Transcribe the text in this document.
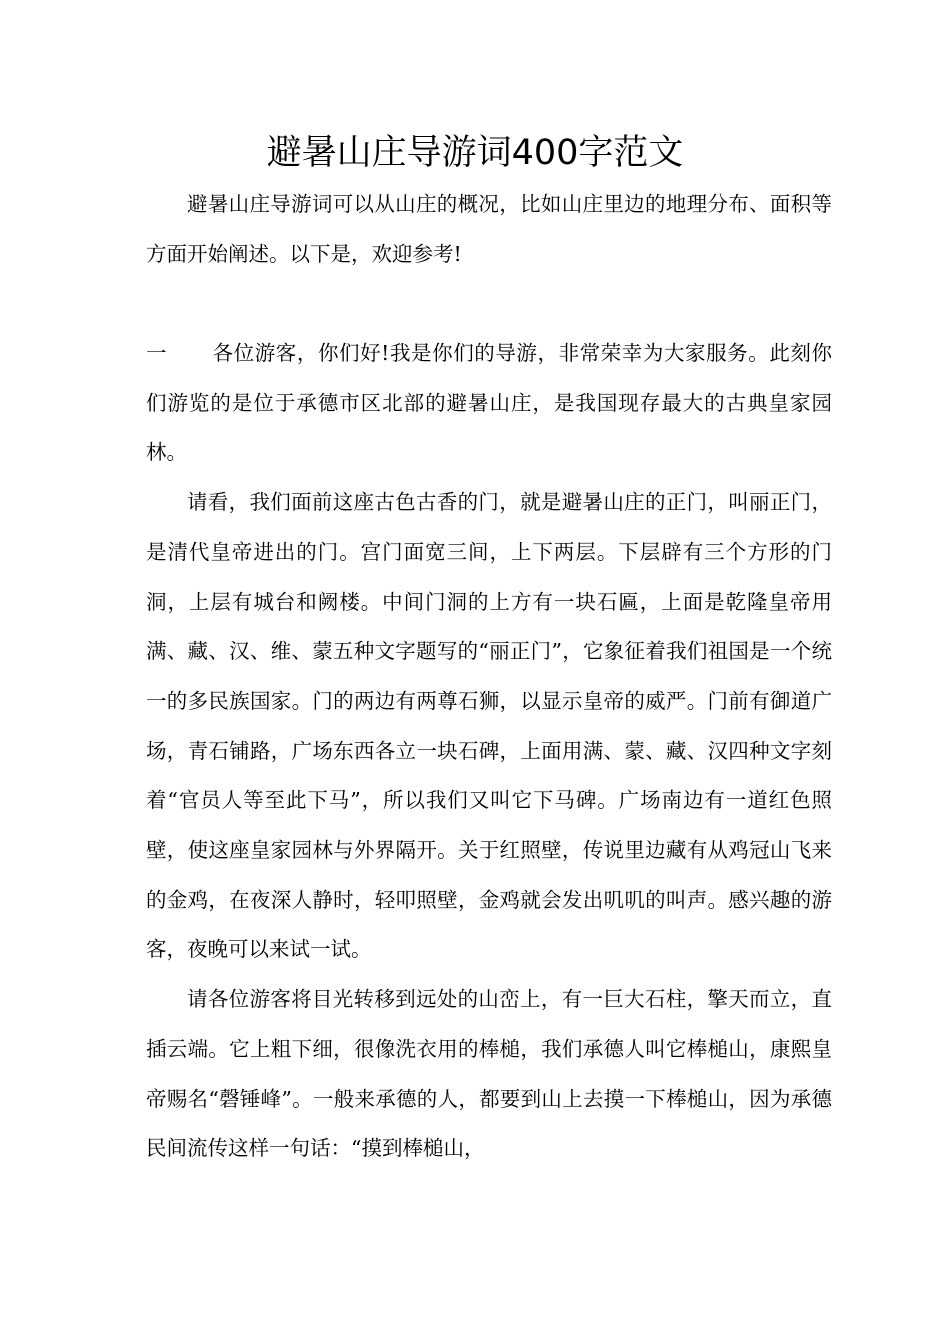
避暑山庄导游词400字范文

避暑山庄导游词可以从山庄的概况，比如山庄里边的地理分布、面积等方面开始阐述。以下是，欢迎参考!

一 各位游客，你们好!我是你们的导游，非常荣幸为大家服务。此刻你们游览的是位于承德市区北部的避暑山庄，是我国现存最大的古典皇家园林。

请看，我们面前这座古色古香的门，就是避暑山庄的正门，叫丽正门，是清代皇帝进出的门。宫门面宽三间，上下两层。下层辟有三个方形的门洞，上层有城台和阙楼。中间门洞的上方有一块石匾，上面是乾隆皇帝用满、藏、汉、维、蒙五种文字题写的“丽正门”，它象征着我们祖国是一个统一的多民族国家。门的两边有两尊石狮，以显示皇帝的威严。门前有御道广场，青石铺路，广场东西各立一块石碑，上面用满、蒙、藏、汉四种文字刻着“官员人等至此下马”，所以我们又叫它下马碑。广场南边有一道红色照壁，使这座皇家园林与外界隔开。关于红照壁，传说里边藏有从鸡冠山飞来的金鸡，在夜深人静时，轻叩照壁，金鸡就会发出叽叽的叫声。感兴趣的游客，夜晚可以来试一试。

请各位游客将目光转移到远处的山峦上，有一巨大石柱，擎天而立，直插云端。它上粗下细，很像洗衣用的棒槌，我们承德人叫它棒槌山，康熙皇帝赐名“磬锤峰”。一般来承德的人，都要到山上去摸一下棒槌山，因为承德民间流传这样一句话：“摸到棒槌山，
